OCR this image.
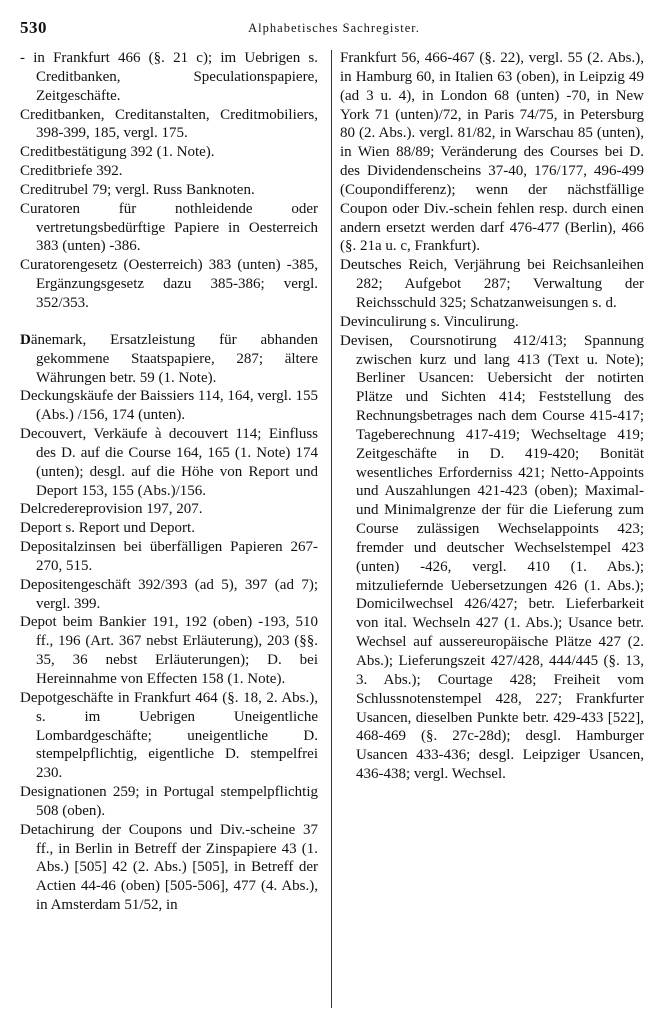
530	Alphabetisches Sachregister.

- in Frankfurt 466 (§. 21 c); im Uebrigen s. Creditbanken, Speculationspapiere, Zeitgeschäfte.

Creditbanken, Creditanstalten, Creditmobiliers, 398-399, 185, vergl. 175.

Creditbestätigung 392 (1. Note).

Creditbriefe 392.

Creditrubel 79; vergl. Russ Banknoten.

Curatoren für nothleidende oder vertretungsbedürftige Papiere in Oesterreich 383 (unten) -386.

Curatorengesetz (Oesterreich) 383 (unten) -385, Ergänzungsgesetz dazu 385-386; vergl. 352/353.

Dänemark, Ersatzleistung für abhanden gekommene Staatspapiere, 287; ältere Währungen betr. 59 (1. Note).

Deckungskäufe der Baissiers 114, 164, vergl. 155 (Abs.) /156, 174 (unten).

Decouvert, Verkäufe à decouvert 114; Einfluss des D. auf die Course 164, 165 (1. Note) 174 (unten); desgl. auf die Höhe von Report und Deport 153, 155 (Abs.)/156.

Delcredereprovision 197, 207.

Deport s. Report und Deport.

Depositalzinsen bei überfälligen Papieren 267-270, 515.

Depositengeschäft 392/393 (ad 5), 397 (ad 7); vergl. 399.

Depot beim Bankier 191, 192 (oben) -193, 510 ff., 196 (Art. 367 nebst Erläuterung), 203 (§§. 35, 36 nebst Erläuterungen); D. bei Hereinnahme von Effecten 158 (1. Note).

Depotgeschäfte in Frankfurt 464 (§. 18, 2. Abs.), s. im Uebrigen Uneigentliche Lombardgeschäfte; uneigentliche D. stempelpflichtig, eigentliche D. stempelfrei 230.

Designationen 259; in Portugal stempelpflichtig 508 (oben).

Detachirung der Coupons und Div.-scheine 37 ff., in Berlin in Betreff der Zinspapiere 43 (1. Abs.) [505] 42 (2. Abs.) [505], in Betreff der Actien 44-46 (oben) [505-506], 477 (4. Abs.), in Amsterdam 51/52, in

Frankfurt 56, 466-467 (§. 22), vergl. 55 (2. Abs.), in Hamburg 60, in Italien 63 (oben), in Leipzig 49 (ad 3 u. 4), in London 68 (unten) -70, in New York 71 (unten)/72, in Paris 74/75, in Petersburg 80 (2. Abs.). vergl. 81/82, in Warschau 85 (unten), in Wien 88/89; Veränderung des Courses bei D. des Dividendenscheins 37-40, 176/177, 496-499 (Coupondifferenz); wenn der nächstfällige Coupon oder Div.-schein fehlen resp. durch einen andern ersetzt werden darf 476-477 (Berlin), 466 (§. 21a u. c, Frankfurt).

Deutsches Reich, Verjährung bei Reichsanleihen 282; Aufgebot 287; Verwaltung der Reichsschuld 325; Schatzanweisungen s. d.

Devinculirung s. Vinculirung.

Devisen, Coursnotirung 412/413; Spannung zwischen kurz und lang 413 (Text u. Note); Berliner Usancen: Uebersicht der notirten Plätze und Sichten 414; Feststellung des Rechnungsbetrages nach dem Course 415-417; Tageberechnung 417-419; Wechseltage 419; Zeitgeschäfte in D. 419-420; Bonität wesentliches Erforderniss 421; Netto-Appoints und Auszahlungen 421-423 (oben); Maximal- und Minimalgrenze der für die Lieferung zum Course zulässigen Wechselappoints 423; fremder und deutscher Wechselstempel 423 (unten) -426, vergl. 410 (1. Abs.); mitzuliefernde Uebersetzungen 426 (1. Abs.); Domicilwechsel 426/427; betr. Lieferbarkeit von ital. Wechseln 427 (1. Abs.); Usance betr. Wechsel auf aussereuropäische Plätze 427 (2. Abs.); Lieferungszeit 427/428, 444/445 (§. 13, 3. Abs.); Courtage 428; Freiheit vom Schlussnotenstempel 428, 227; Frankfurter Usancen, dieselben Punkte betr. 429-433 [522], 468-469 (§. 27c-28d); desgl. Hamburger Usancen 433-436; desgl. Leipziger Usancen, 436-438; vergl. Wechsel.
